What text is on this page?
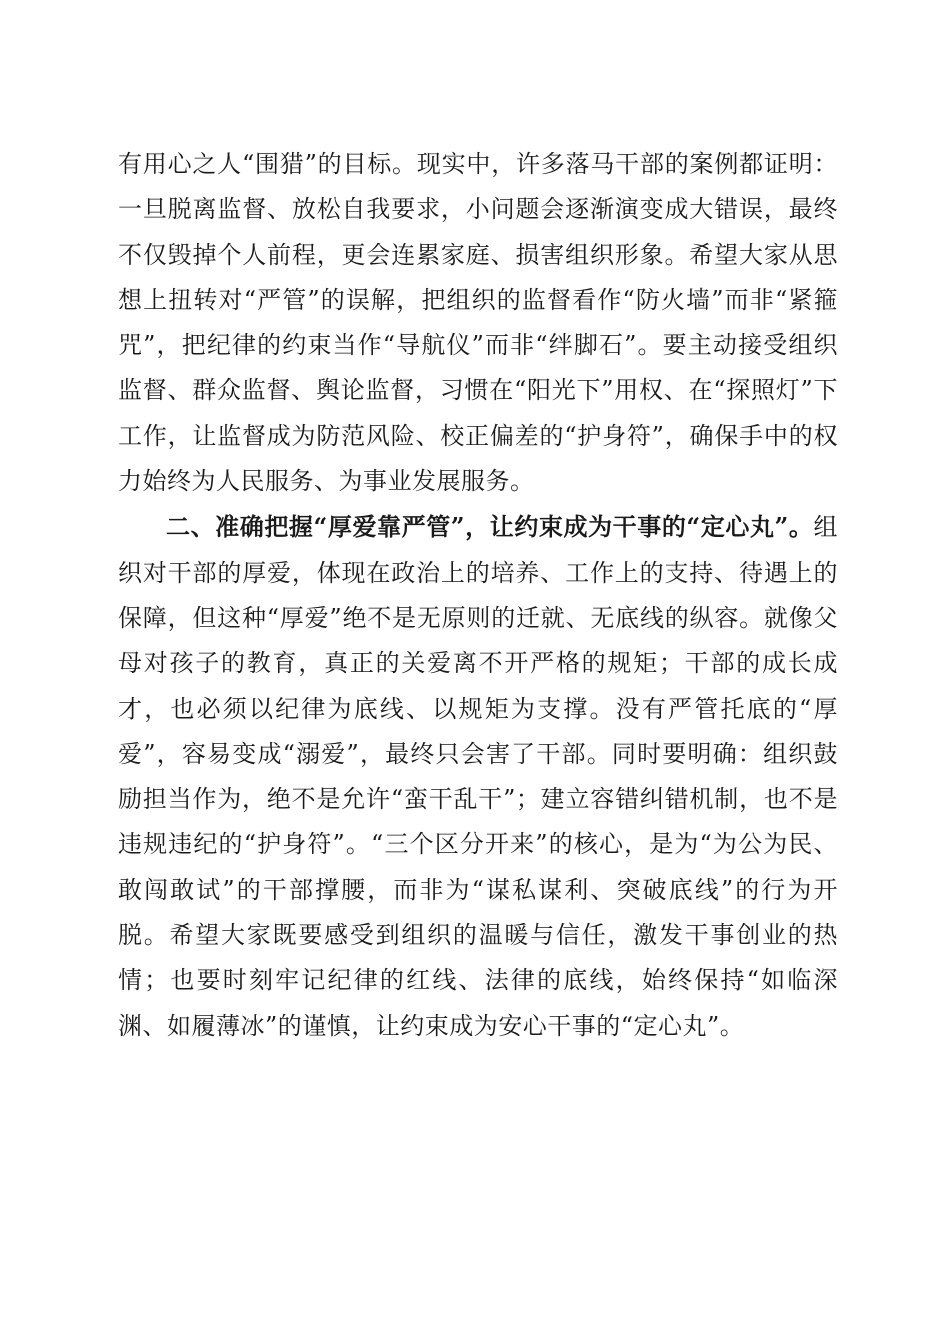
有用心之人“围猎”的目标。现实中，许多落马干部的案例都证明：一旦脱离监督、放松自我要求，小问题会逐渐演变成大错误，最终不仅毁掉个人前程，更会连累家庭、损害组织形象。希望大家从思想上扭转对“严管”的误解，把组织的监督看作“防火墙”而非“紧箍咒”，把纪律的约束当作“导航仪”而非“绊脚石”。要主动接受组织监督、群众监督、舆论监督，习惯在“阳光下”用权、在“探照灯”下工作，让监督成为防范风险、校正偏差的“护身符”，确保手中的权力始终为人民服务、为事业发展服务。

二、准确把握“厚爱靠严管”，让约束成为干事的“定心丸”。组织对干部的厚爱，体现在政治上的培养、工作上的支持、待遇上的保障，但这种“厚爱”绝不是无原则的迁就、无底线的纵容。就像父母对孩子的教育，真正的关爱离不开严格的规矩；干部的成长成才，也必须以纪律为底线、以规矩为支撑。没有严管托底的“厚爱”，容易变成“溺爱”，最终只会害了干部。同时要明确：组织鼓励担当作为，绝不是允许“蛮干乱干”；建立容错纠错机制，也不是违规违纪的“护身符”。“三个区分开来”的核心，是为“为公为民、敢闯敢试”的干部撑腰，而非为“谋私谋利、突破底线”的行为开脱。希望大家既要感受到组织的温暖与信任，激发干事创业的热情；也要时刻牢记纪律的红线、法律的底线，始终保持“如临深渊、如履薄冰”的谨慎，让约束成为安心干事的“定心丸”。
